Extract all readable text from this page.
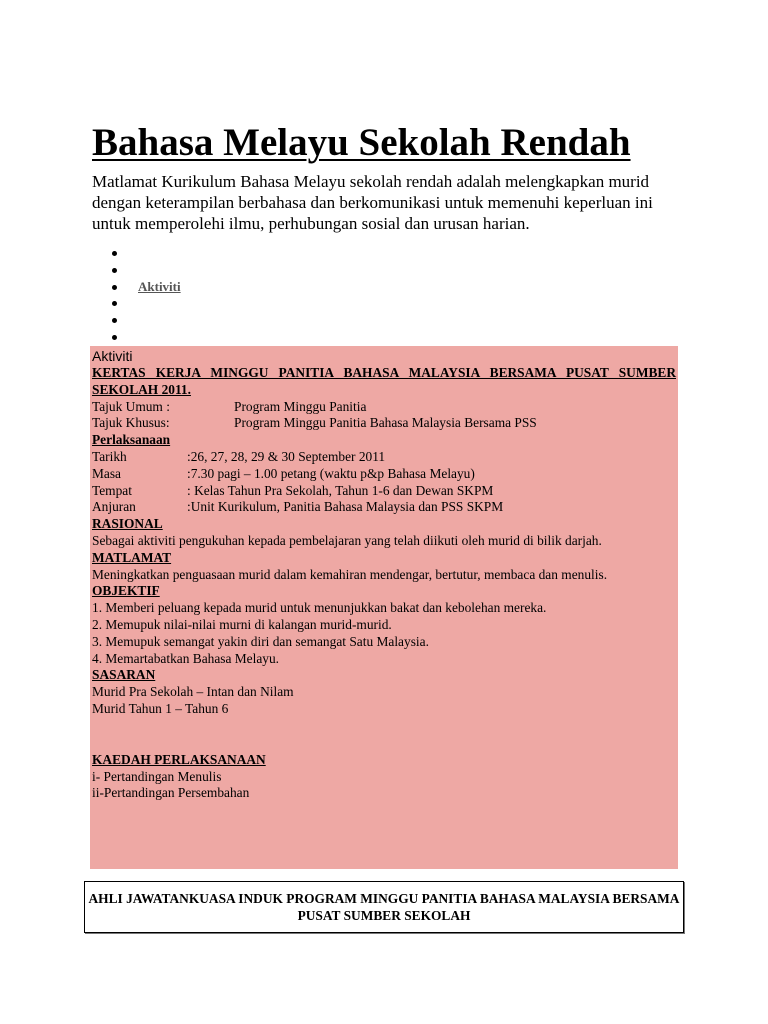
Bahasa Melayu Sekolah Rendah

Matlamat Kurikulum Bahasa Melayu sekolah rendah adalah melengkapkan murid dengan keterampilan berbahasa dan berkomunikasi untuk memenuhi keperluan ini untuk memperolehi ilmu, perhubungan sosial dan urusan harian.

Aktiviti

Aktiviti

KERTAS KERJA MINGGU PANITIA BAHASA MALAYSIA BERSAMA PUSAT SUMBER SEKOLAH 2011.

Tajuk Umum :	Program Minggu Panitia
Tajuk Khusus:	Program Minggu Panitia Bahasa Malaysia Bersama PSS

Perlaksanaan

Tarikh	:26, 27, 28, 29 & 30 September 2011
Masa	:7.30 pagi – 1.00 petang (waktu p&p Bahasa Melayu)
Tempat	: Kelas Tahun Pra Sekolah, Tahun 1-6 dan Dewan SKPM
Anjuran	:Unit Kurikulum, Panitia Bahasa Malaysia dan PSS SKPM

RASIONAL

Sebagai aktiviti pengukuhan kepada pembelajaran yang telah diikuti oleh murid di bilik darjah.

MATLAMAT

Meningkatkan penguasaan murid dalam kemahiran mendengar, bertutur, membaca dan menulis.

OBJEKTIF

1. Memberi peluang kepada murid untuk menunjukkan bakat dan kebolehan mereka.

2. Memupuk nilai-nilai murni di kalangan murid-murid.

3. Memupuk semangat yakin diri dan semangat Satu Malaysia.

4. Memartabatkan Bahasa Melayu.

SASARAN

Murid Pra Sekolah – Intan dan Nilam

Murid Tahun 1 – Tahun 6

KAEDAH PERLAKSANAAN

i- Pertandingan Menulis

ii-Pertandingan Persembahan

AHLI JAWATANKUASA INDUK PROGRAM MINGGU PANITIA BAHASA MALAYSIA BERSAMA PUSAT SUMBER SEKOLAH
